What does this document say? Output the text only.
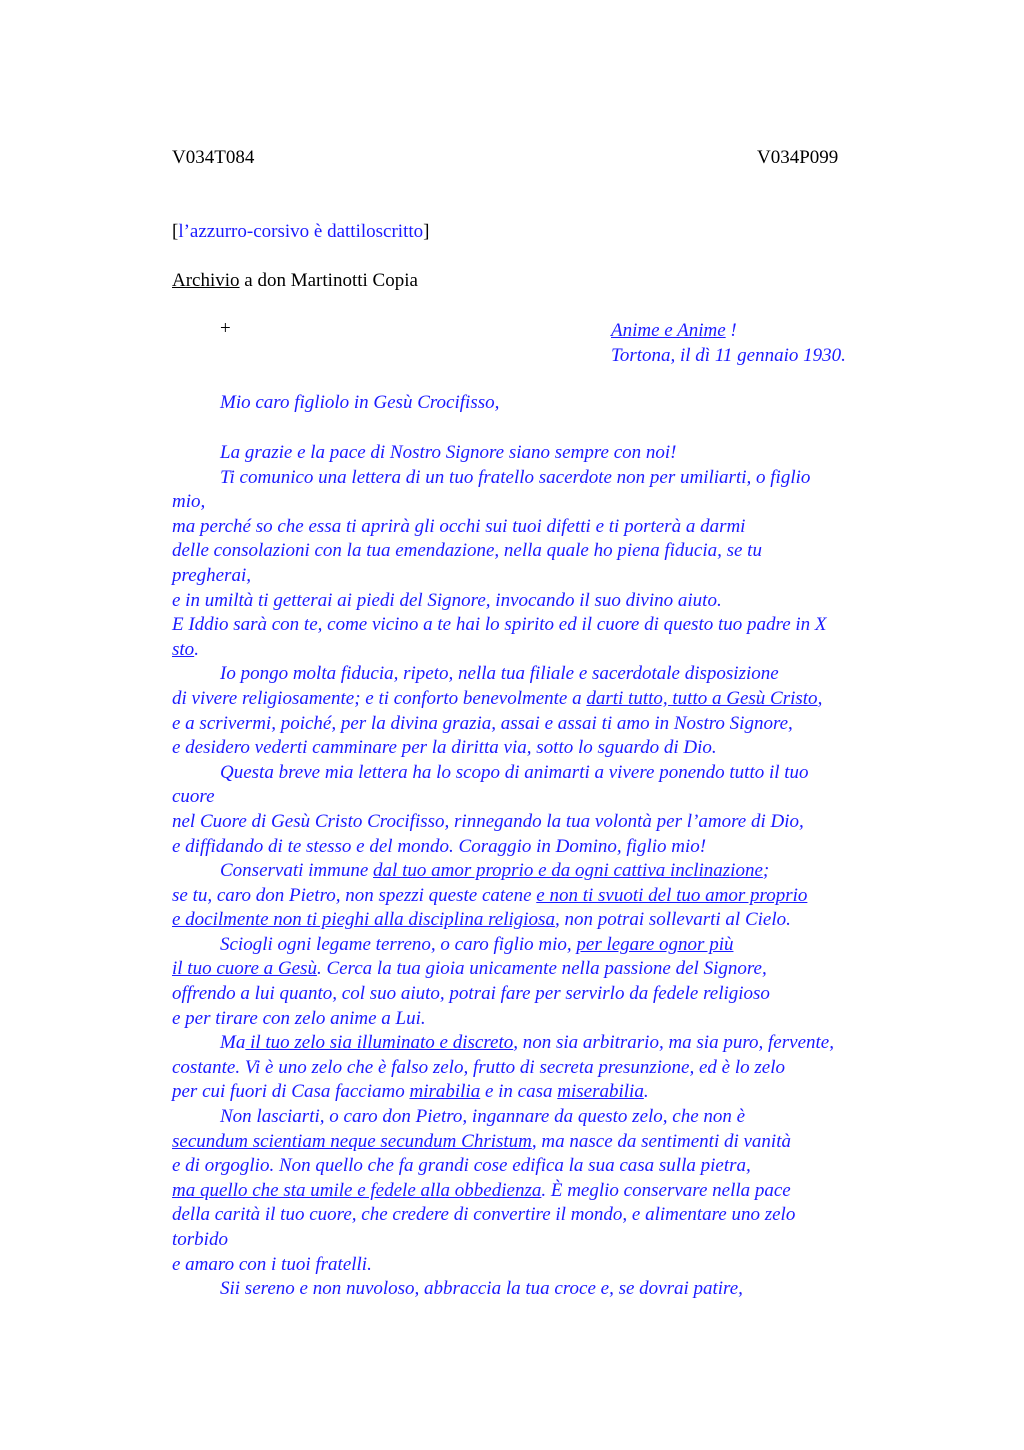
V034T084	V034P099
[l’azzurro-corsivo è dattiloscritto]
Archivio a don Martinotti Copia
+	Anime e Anime !
Tortona, il dì 11 gennaio 1930.
Mio caro figliolo in Gesù Crocifisso,
La grazie e la pace di Nostro Signore siano sempre con noi!
Ti comunico una lettera di un tuo fratello sacerdote non per umiliarti, o figlio
mio,
ma perché so che essa ti aprirà gli occhi sui tuoi difetti e ti porterà a darmi
delle consolazioni con la tua emendazione, nella quale ho piena fiducia, se tu
pregherai,
e in umiltà ti getterai ai piedi del Signore, invocando il suo divino aiuto.
E Iddio sarà con te, come vicino a te hai lo spirito ed il cuore di questo tuo padre in X
sto.
Io pongo molta fiducia, ripeto, nella tua filiale e sacerdotale disposizione
di vivere religiosamente; e ti conforto benevolmente a darti tutto, tutto a Gesù Cristo,
e a scrivermi, poiché, per la divina grazia, assai e assai ti amo in Nostro Signore,
e desidero vederti camminare per la diritta via, sotto lo sguardo di Dio.
Questa breve mia lettera ha lo scopo di animarti a vivere ponendo tutto il tuo
cuore
nel Cuore di Gesù Cristo Crocifisso, rinnegando la tua volontà per l’amore di Dio,
e diffidando di te stesso e del mondo. Coraggio in Domino, figlio mio!
Conservati immune dal tuo amor proprio e da ogni cattiva inclinazione;
se tu, caro don Pietro, non spezzi queste catene e non ti svuoti del tuo amor proprio
e docilmente non ti pieghi alla disciplina religiosa, non potrai sollevarti al Cielo.
Sciogli ogni legame terreno, o caro figlio mio, per legare ognor più
il tuo cuore a Gesù. Cerca la tua gioia unicamente nella passione del Signore,
offrendo a lui quanto, col suo aiuto, potrai fare per servirlo da fedele religioso
e per tirare con zelo anime a Lui.
Ma il tuo zelo sia illuminato e discreto, non sia arbitrario, ma sia puro, fervente,
costante. Vi è uno zelo che è falso zelo, frutto di secreta presunzione, ed è lo zelo
per cui fuori di Casa facciamo mirabilia e in casa miserabilia.
Non lasciarti, o caro don Pietro, ingannare da questo zelo, che non è
secundum scientiam neque secundum Christum, ma nasce da sentimenti di vanità
e di orgoglio. Non quello che fa grandi cose edifica la sua casa sulla pietra,
ma quello che sta umile e fedele alla obbedienza. È meglio conservare nella pace
della carità il tuo cuore, che credere di convertire il mondo, e alimentare uno zelo
torbido
e amaro con i tuoi fratelli.
Sii sereno e non nuvoloso, abbraccia la tua croce e, se dovrai patire,
